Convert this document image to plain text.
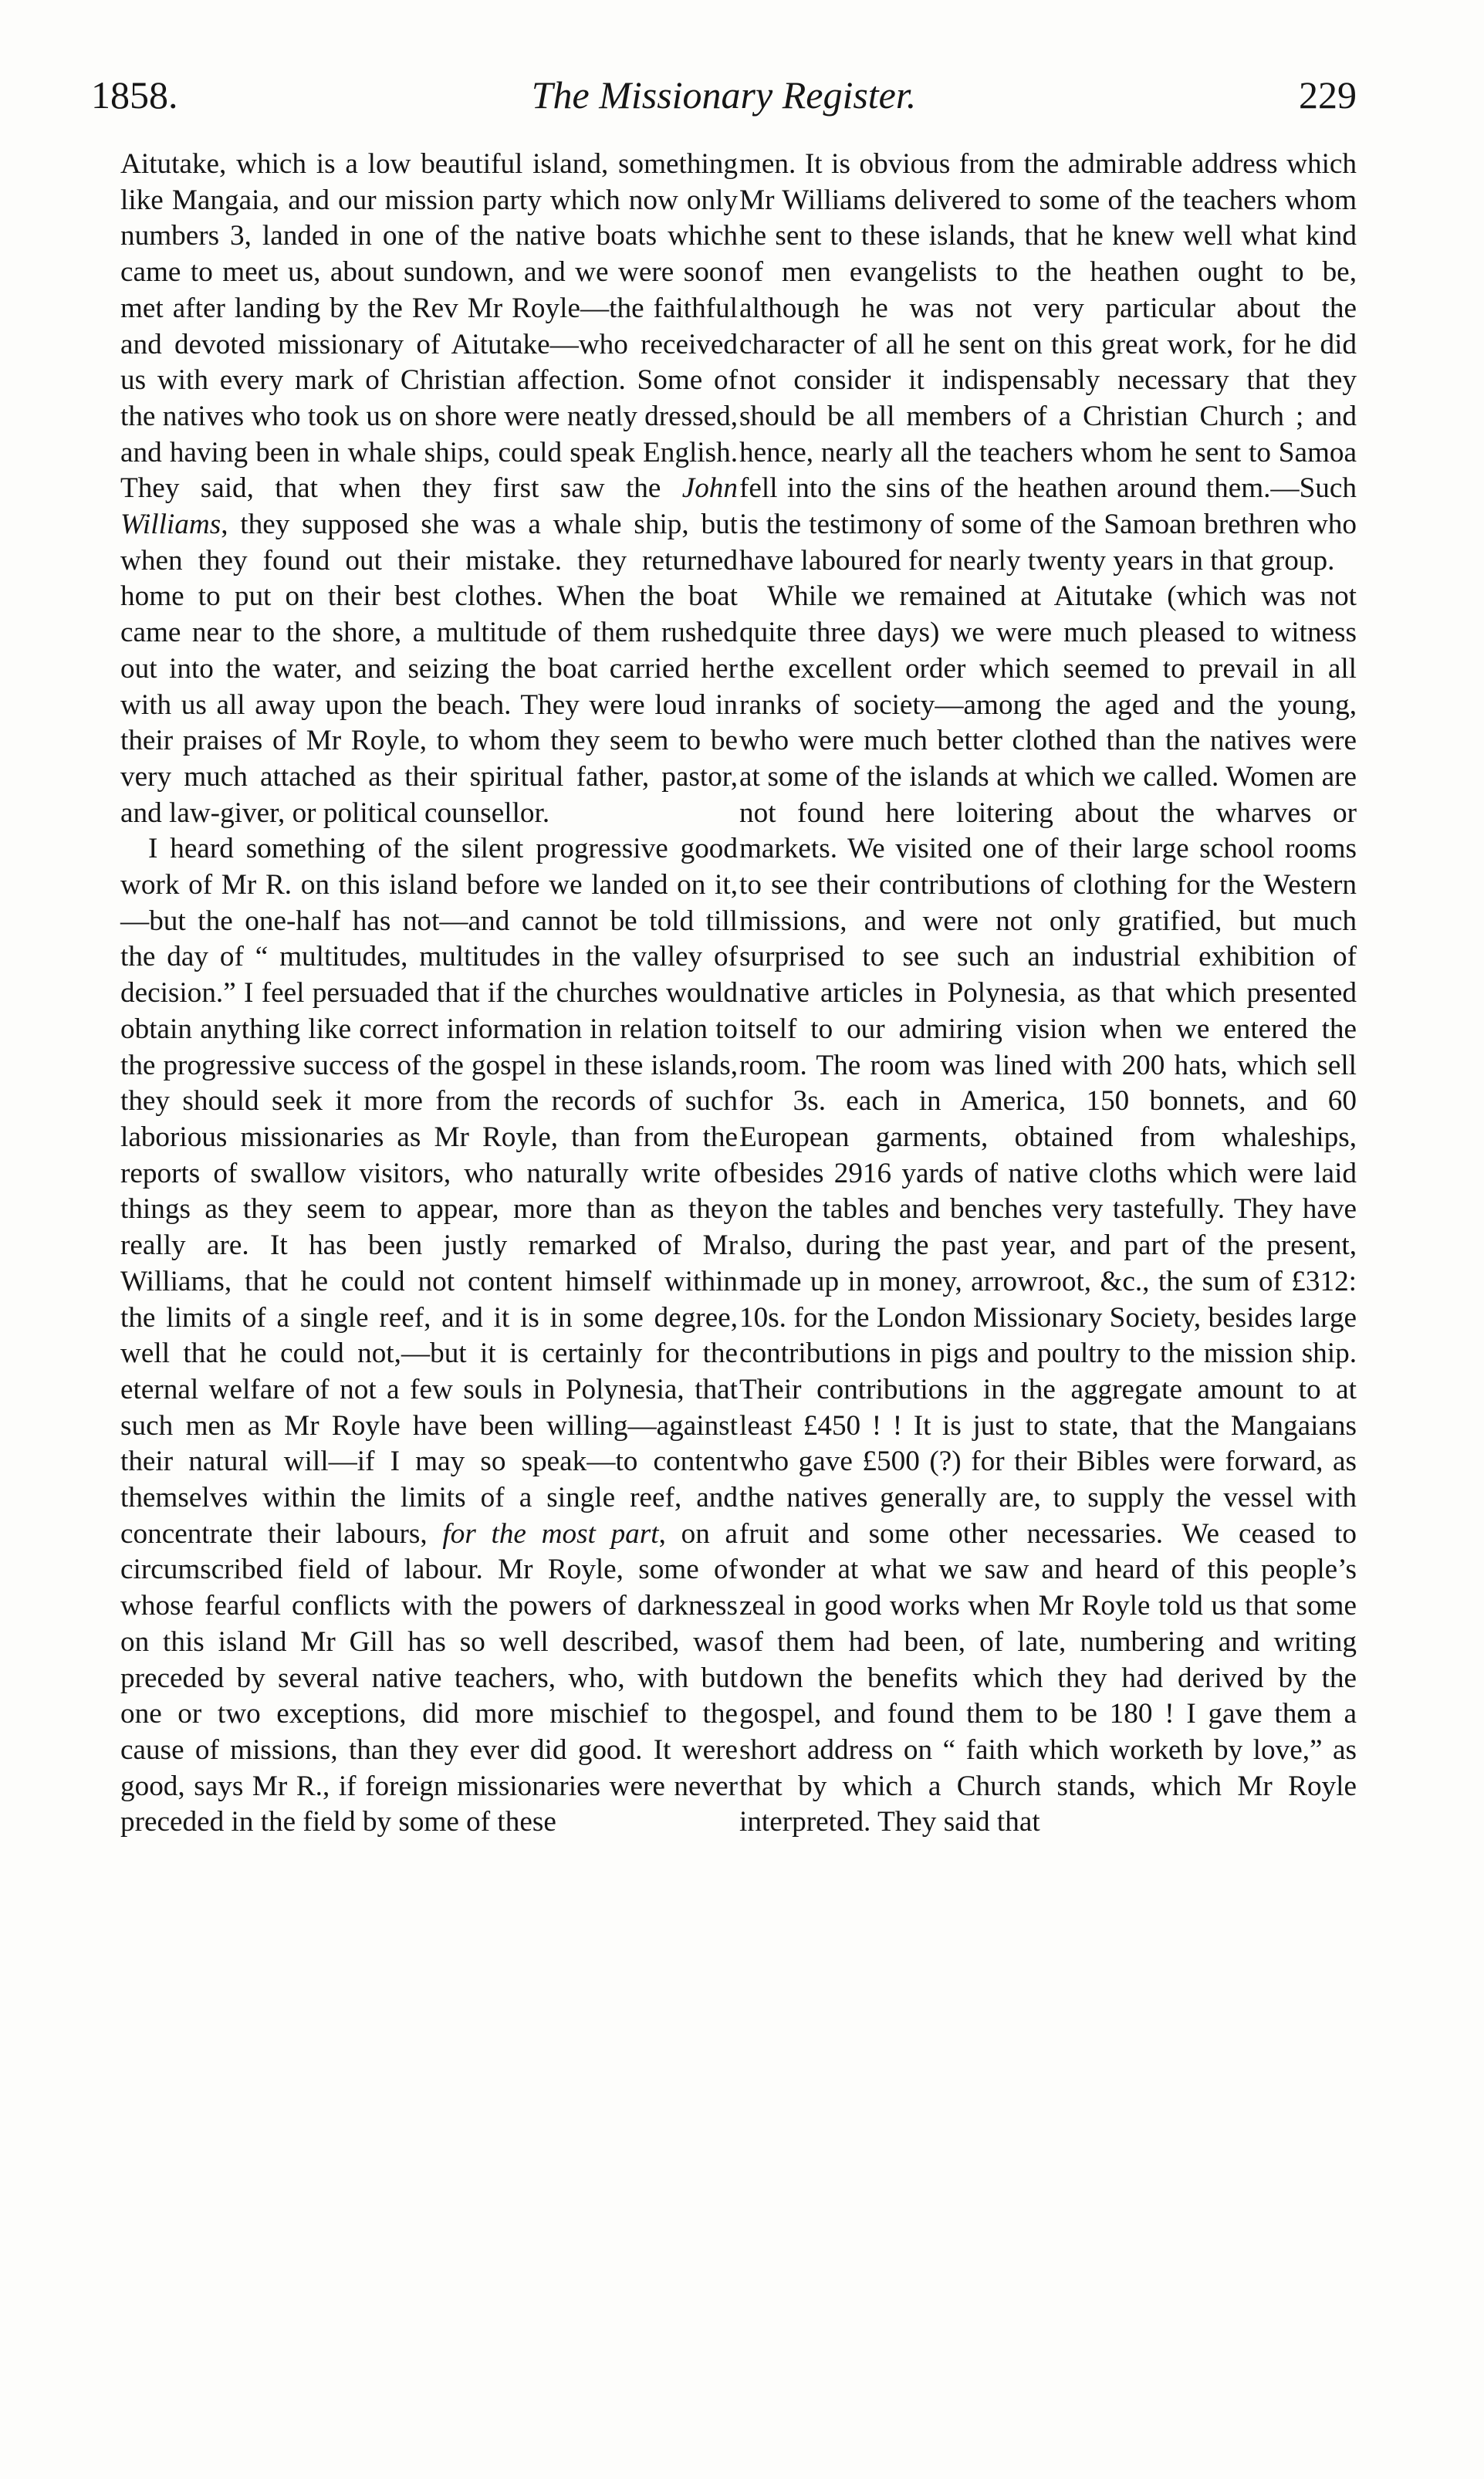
1858.	The Missionary Register.	229

Aitutake, which is a low beautiful island, something like Mangaia, and our mission party which now only numbers 3, landed in one of the native boats which came to meet us, about sundown, and we were soon met after landing by the Rev Mr Royle—the faithful and devoted missionary of Aitutake—who received us with every mark of Christian affection. Some of the natives who took us on shore were neatly dressed, and having been in whale ships, could speak English. They said, that when they first saw the John Williams, they supposed she was a whale ship, but when they found out their mistake. they returned home to put on their best clothes. When the boat came near to the shore, a multitude of them rushed out into the water, and seizing the boat carried her with us all away upon the beach. They were loud in their praises of Mr Royle, to whom they seem to be very much attached as their spiritual father, pastor, and law-giver, or political counsellor.

I heard something of the silent progressive good work of Mr R. on this island before we landed on it,—but the one-half has not—and cannot be told till the day of “ multitudes, multitudes in the valley of decision.” I feel persuaded that if the churches would obtain anything like correct information in relation to the progressive success of the gospel in these islands, they should seek it more from the records of such laborious missionaries as Mr Royle, than from the reports of swallow visitors, who naturally write of things as they seem to appear, more than as they really are. It has been justly remarked of Mr Williams, that he could not content himself within the limits of a single reef, and it is in some degree, well that he could not,—but it is certainly for the eternal welfare of not a few souls in Polynesia, that such men as Mr Royle have been willing—against their natural will—if I may so speak—to content themselves within the limits of a single reef, and concentrate their labours, for the most part, on a circumscribed field of labour. Mr Royle, some of whose fearful conflicts with the powers of darkness on this island Mr Gill has so well described, was preceded by several native teachers, who, with but one or two exceptions, did more mischief to the cause of missions, than they ever did good. It were good, says Mr R., if foreign missionaries were never preceded in the field by some of these

men. It is obvious from the admirable address which Mr Williams delivered to some of the teachers whom he sent to these islands, that he knew well what kind of men evangelists to the heathen ought to be, although he was not very particular about the character of all he sent on this great work, for he did not consider it indispensably necessary that they should be all members of a Christian Church ; and hence, nearly all the teachers whom he sent to Samoa fell into the sins of the heathen around them.—Such is the testimony of some of the Samoan brethren who have laboured for nearly twenty years in that group.

While we remained at Aitutake (which was not quite three days) we were much pleased to witness the excellent order which seemed to prevail in all ranks of society—among the aged and the young, who were much better clothed than the natives were at some of the islands at which we called. Women are not found here loitering about the wharves or markets. We visited one of their large school rooms to see their contributions of clothing for the Western missions, and were not only gratified, but much surprised to see such an industrial exhibition of native articles in Polynesia, as that which presented itself to our admiring vision when we entered the room. The room was lined with 200 hats, which sell for 3s. each in America, 150 bonnets, and 60 European garments, obtained from whaleships, besides 2916 yards of native cloths which were laid on the tables and benches very tastefully. They have also, during the past year, and part of the present, made up in money, arrowroot, &c., the sum of £312: 10s. for the London Missionary Society, besides large contributions in pigs and poultry to the mission ship. Their contributions in the aggregate amount to at least £450 ! ! It is just to state, that the Mangaians who gave £500 (?) for their Bibles were forward, as the natives generally are, to supply the vessel with fruit and some other necessaries. We ceased to wonder at what we saw and heard of this people’s zeal in good works when Mr Royle told us that some of them had been, of late, numbering and writing down the benefits which they had derived by the gospel, and found them to be 180 ! I gave them a short address on “ faith which worketh by love,” as that by which a Church stands, which Mr Royle interpreted. They said that
